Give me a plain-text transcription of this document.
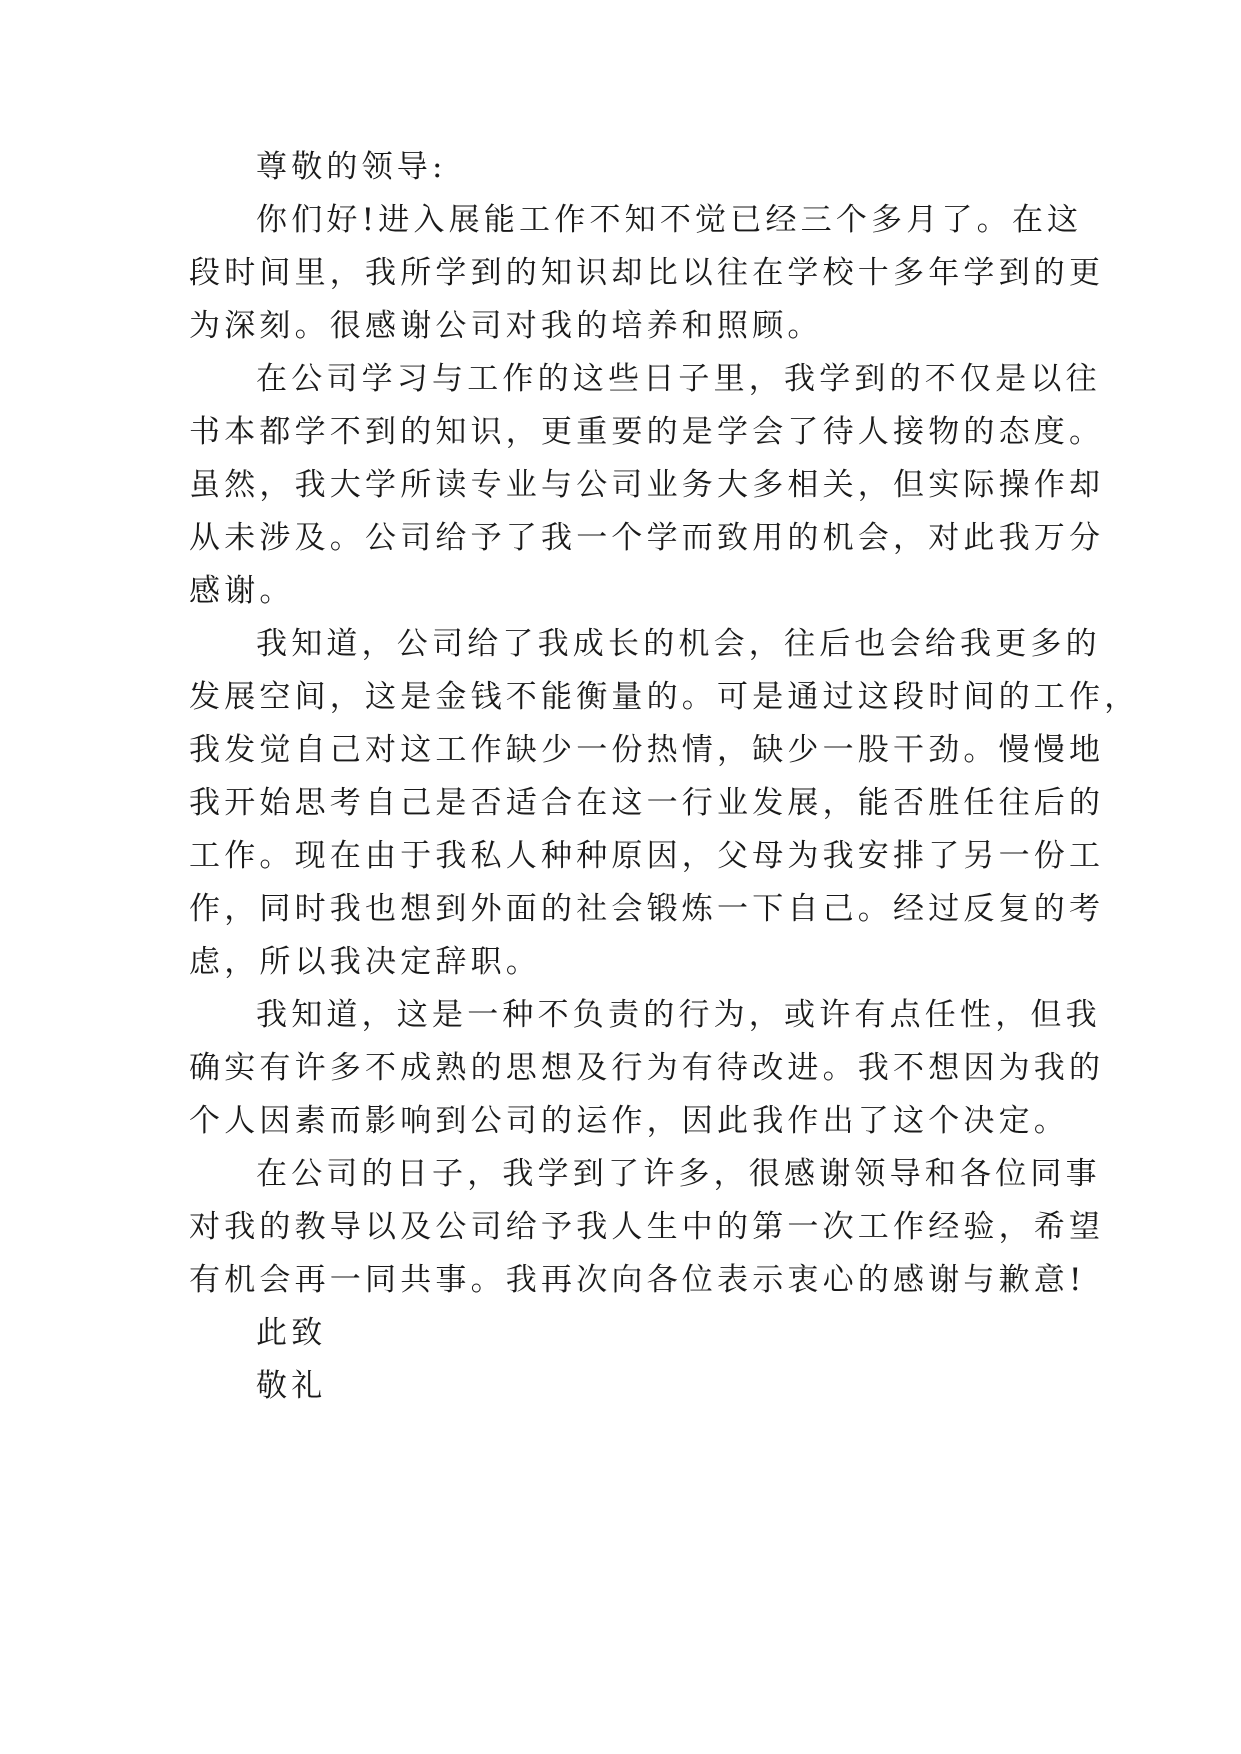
尊敬的领导:
你们好!进入展能工作不知不觉已经三个多月了。在这
段时间里，我所学到的知识却比以往在学校十多年学到的更
为深刻。很感谢公司对我的培养和照顾。
在公司学习与工作的这些日子里，我学到的不仅是以往
书本都学不到的知识，更重要的是学会了待人接物的态度。
虽然，我大学所读专业与公司业务大多相关，但实际操作却
从未涉及。公司给予了我一个学而致用的机会，对此我万分
感谢。
我知道，公司给了我成长的机会，往后也会给我更多的
发展空间，这是金钱不能衡量的。可是通过这段时间的工作，
我发觉自己对这工作缺少一份热情，缺少一股干劲。慢慢地
我开始思考自己是否适合在这一行业发展，能否胜任往后的
工作。现在由于我私人种种原因，父母为我安排了另一份工
作，同时我也想到外面的社会锻炼一下自己。经过反复的考
虑，所以我决定辞职。
我知道，这是一种不负责的行为，或许有点任性，但我
确实有许多不成熟的思想及行为有待改进。我不想因为我的
个人因素而影响到公司的运作，因此我作出了这个决定。
在公司的日子，我学到了许多，很感谢领导和各位同事
对我的教导以及公司给予我人生中的第一次工作经验，希望
有机会再一同共事。我再次向各位表示衷心的感谢与歉意!
此致
敬礼
